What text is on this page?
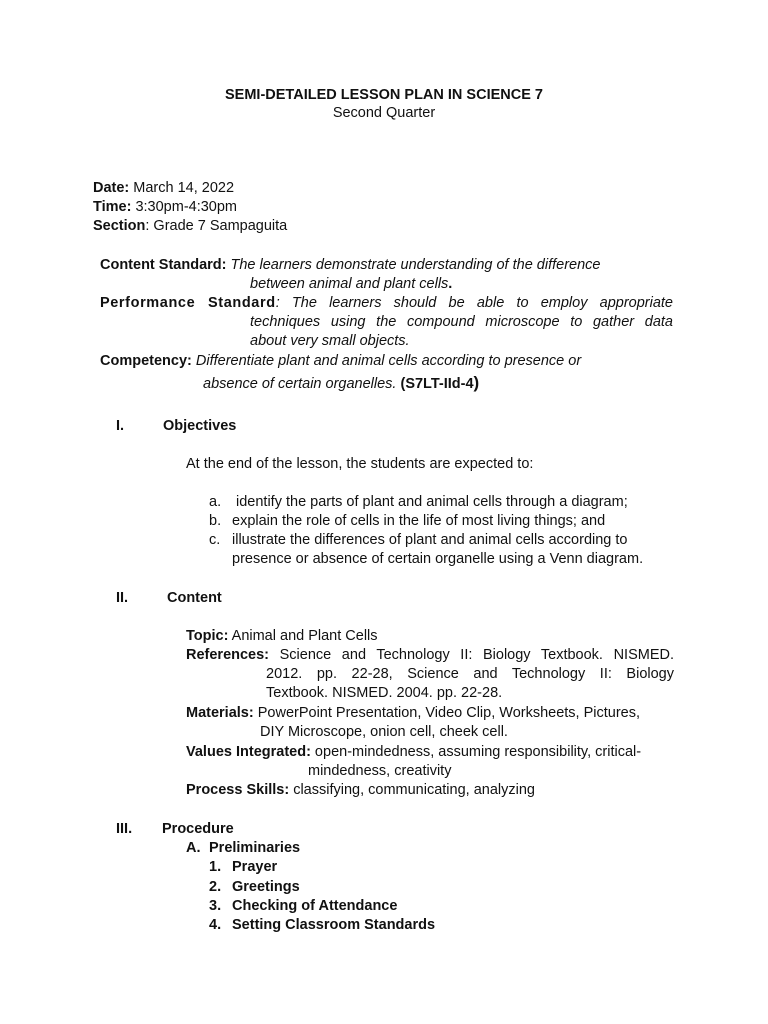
SEMI-DETAILED LESSON PLAN IN SCIENCE 7
Second Quarter
Date: March 14, 2022
Time: 3:30pm-4:30pm
Section: Grade 7 Sampaguita
Content Standard: The learners demonstrate understanding of the difference
between animal and plant cells.
Performance Standard: The learners should be able to employ appropriate
techniques using the compound microscope to gather data
about very small objects.
Competency: Differentiate plant and animal cells according to presence or
absence of certain organelles. (S7LT-IId-4)
I.	Objectives
At the end of the lesson, the students are expected to:
a. identify the parts of plant and animal cells through a diagram;
b. explain the role of cells in the life of most living things; and
c. illustrate the differences of plant and animal cells according to
presence or absence of certain organelle using a Venn diagram.
II.	Content
Topic: Animal and Plant Cells
References: Science and Technology II: Biology Textbook. NISMED.
2012. pp. 22-28, Science and Technology II: Biology
Textbook. NISMED. 2004. pp. 22-28.
Materials: PowerPoint Presentation, Video Clip, Worksheets, Pictures,
DIY Microscope, onion cell, cheek cell.
Values Integrated: open-mindedness, assuming responsibility, critical-
mindedness, creativity
Process Skills: classifying, communicating, analyzing
III. Procedure
A. Preliminaries
1. Prayer
2. Greetings
3. Checking of Attendance
4. Setting Classroom Standards
